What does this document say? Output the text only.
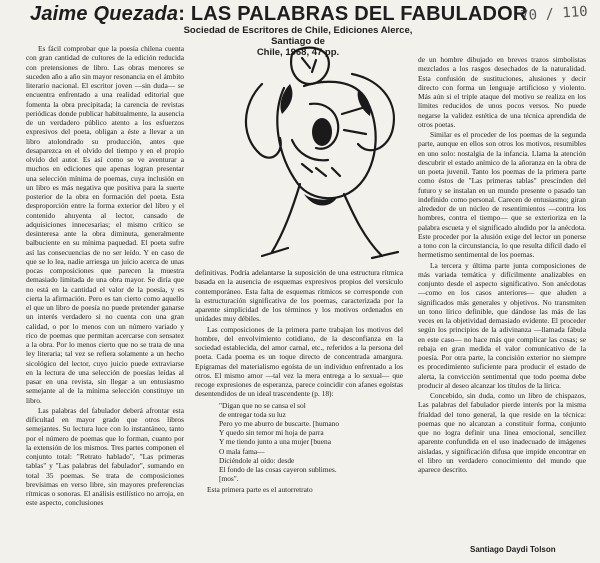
Jaime Quezada: LAS PALABRAS DEL FABULADOR
Sociedad de Escritores de Chile, Ediciones Alerce, Santiago de
Chile, 1968, 47 pp.
70 / 110

Es fácil comprobar que la poesía chilena cuenta con gran cantidad de cultores de la edición reducida con pretensiones de libro. Las obras menores se suceden año a año sin mayor resonancia en el ámbito literario nacional. El escritor joven —sin duda— se encuentra enfrentado a una realidad editorial que fomenta la obra precipitada; la carencia de revistas periódicas donde publicar habitualmente, la ausencia de un verdadero público atento a los esfuerzos expresivos del poeta, obligan a éste a llevar a un libro atolondrado su producción, antes que desaparezca en el olvido del tiempo y en el propio olvido del autor. Es así como se ve aventurar a muchos en ediciones que apenas logran presentar una selección mínima de poemas, cuya inclusión en un libro es más negativa que positiva para la suerte posterior de la obra en formación del poeta. Esta desproporción entre la forma exterior del libro y el contenido ahuyenta al lector, cansado de adquisiciones innecesarias; el mismo crítico se desinteresa ante la obra diminuta, generalmente balbuciente en su mínima paquedad. El poeta sufre así las consecuencias de no ser leído. Y en caso de que se lo lea, nadie arriesga un juicio acerca de unas pocas composiciones que parecen la muestra demasiado limitada de una obra mayor. Se diría que no está en la cantidad el valor de la poesía, y es cierta la afirmación. Pero es tan cierto como aquello el que un libro de poesía no puede pretender ganarse un interés verdadero si no cuenta con una gran calidad, o por lo menos con un número variado y rico de poemas que permitan acercarse con sensatez a la obra. Por lo menos cierto que no se trata de una ley literaria; tal vez se refiera solamente a un hecho sicológico del lector, cuyo juicio puede extraviarse en la lectura de una selección de poesías leídas al pasar en una revista, sin llegar a un entusiasmo semejante al de la mínima selección constituye un libro.

Las palabras del fabulador deberá afrontar esta dificultad en mayor grado que otros libros semejantes. Su lectura luce con lo instantáneo, tanto por el número de poemas que lo forman, cuanto por la extensión de los mismos. Tres partes componen el conjunto total: "Retrato hablado", "Las primeras tablas" y "Las palabras del fabulador", sumando en total 35 poemas. Se trata de composiciones brevísimas en verso libre, sin mayores preferencias rítmicas o sonoras. El análisis estilístico no arroja, en este aspecto, conclusiones

definitivas. Podría adelantarse la suposición de una estructura rítmica basada en la ausencia de esquemas expresivos propios del versículo contemporáneo. Esta falta de esquemas rítmicos se corresponde con la estructuración significativa de los poemas, caracterizada por la aparente simplicidad de los términos y los motivos ordenados en unidades muy débiles.

Las composiciones de la primera parte trabajan los motivos del hombre, del envolvimiento cotidiano, de la desconfianza en la sociedad establecida, del amor carnal, etc., referidos a la persona del poeta. Cada poema es un toque directo de concentrada amargura. Epigramas del materialismo egoísta de un individuo enfrentado a los otros. El mismo amor —tal vez la mera entrega a lo sexual— que recoge expresiones de esperanza, parece coincidir con afanes egoístas desentendidos de un ideal trascendente (p. 18):

"Digan que no se cansa el sol
de entregar toda su luz
Pero yo me aburro de buscarte. [humano
Y quedo sin temor mi hoja de parra
Y me tiendo junto a una mujer [buena
O mala fama—
Diciéndole al oído: desde
El fondo de las cosas cayeron sublimes.
[mos".

Esta primera parte es el autorretrato

de un hombre dibujado en breves trazos simbolistas mezclados a los rasgos desechados de la naturalidad. Esta confusión de sustituciones, alusiones y decir directo con forma un lenguaje artificioso y violento. Más aún si el triple ataque del motivo se realiza en los límites reducidos de unos pocos versos. No puede negarse la validez estética de una técnica aprendida de otros poetas.

Similar es el proceder de los poemas de la segunda parte, aunque en ellos son otros los motivos, resumibles en uno solo: nostalgia de la infancia. Llama la atención descubrir el estado anímico de la añoranza en la obra de un poeta juvenil. Tanto los poemas de la primera parte como éstos de "Las primeras tablas" prescinden del futuro y se instalan en un mundo presente o pasado tan indefinido como personal. Carecen de entusiasmo; giran alrededor de un núcleo de resentimientos —contra los hombres, contra el tiempo— que se exterioriza en la palabra escueta y el significado aludido por la anécdota. Este proceder por la alusión exige del lector un ponerse a tono con la circunstancia, lo que resulta difícil dado el hermetismo sentimental de los poemas.

La tercera y última parte junta composiciones de más variada temática y difícilmente analizables en conjunto desde el aspecto significativo. Son anécdotas —como en los casos anteriores— que aluden a significados más generales y objetivos. No transmiten un tono lírico definible, que dándose las más de las veces en la objetividad demasiado evidente. El proceder según los principios de la adivinanza —llamada fábula en este caso— no hace más que complicar las cosas; se rebaja en gran medida el valor comunicativo de la poesía. Por otra parte, la concisión exterior no siempre es procedimiento suficiente para producir el estado de alerta, la convicción sentimental que todo poema debe producir al deseo alcanzar los títulos de la lírica.

Concebido, sin duda, como un libro de chispazos, Las palabras del fabulador pierde interés por la misma frialdad del tono general, la que reside en la técnica: poemas que no alcanzan a constituir forma, conjunto que no logra definir una línea emocional, sencillez aparente confundida en el uso inadecuado de imágenes aisladas, y significación difusa que impide encontrar en el libro un verdadero conocimiento del mundo que aparece descrito.

Santiago Daydi Tolson
